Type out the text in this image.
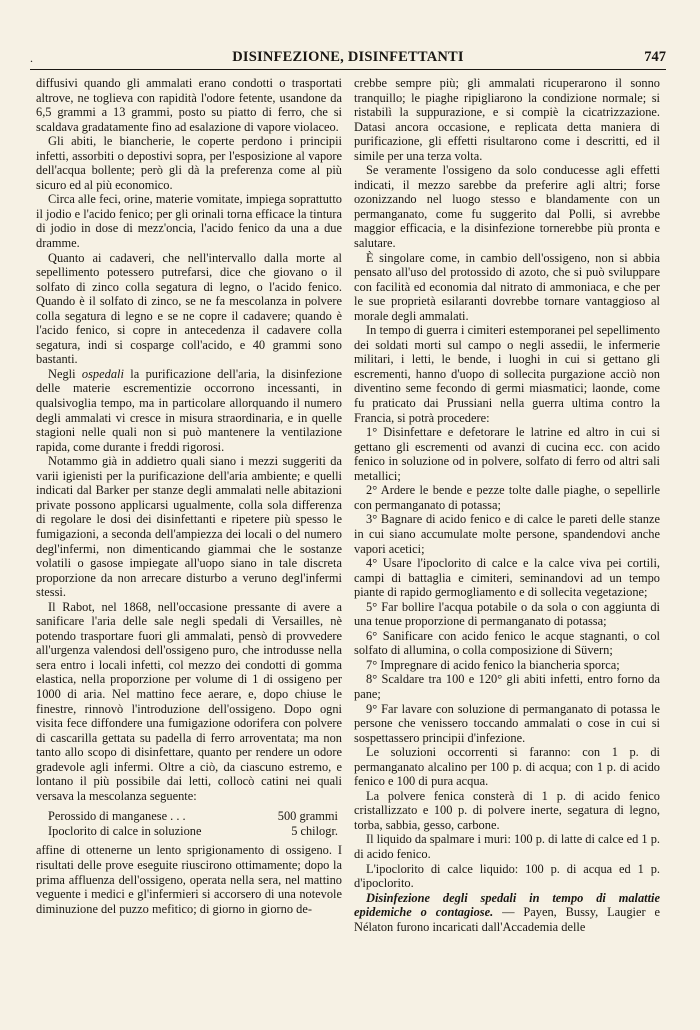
.	DISINFEZIONE, DISINFETTANTI	747

diffusivi quando gli ammalati erano condotti o trasportati altrove, ne toglieva con rapidità l'odore fetente, usandone da 6,5 grammi a 13 grammi, posto su piatto di ferro, che si scaldava gradatamente fino ad esalazione di vapore violaceo.

Gli abiti, le biancherie, le coperte perdono i principii infetti, assorbiti o depostivi sopra, per l'esposizione al vapore dell'acqua bollente; però gli dà la preferenza come al più sicuro ed al più economico.

Circa alle feci, orine, materie vomitate, impiega soprattutto il jodio e l'acido fenico; per gli orinali torna efficace la tintura di jodio in dose di mezz'oncia, l'acido fenico da una a due dramme.

Quanto ai cadaveri, che nell'intervallo dalla morte al sepellimento potessero putrefarsi, dice che giovano o il solfato di zinco colla segatura di legno, o l'acido fenico. Quando è il solfato di zinco, se ne fa mescolanza in polvere colla segatura di legno e se ne copre il cadavere; quando è l'acido fenico, si copre in antecedenza il cadavere colla segatura, indi si cosparge coll'acido, e 40 grammi sono bastanti.

Negli ospedali la purificazione dell'aria, la disinfezione delle materie escrementizie occorrono incessanti, in qualsivoglia tempo, ma in particolare allorquando il numero degli ammalati vi cresce in misura straordinaria, e in quelle stagioni nelle quali non si può mantenere la ventilazione rapida, come durante i freddi rigorosi.

Notammo già in addietro quali siano i mezzi suggeriti da varii igienisti per la purificazione dell'aria ambiente; e quelli indicati dal Barker per stanze degli ammalati nelle abitazioni private possono applicarsi ugualmente, colla sola differenza di regolare le dosi dei disinfettanti e ripetere più spesso le fumigazioni, a seconda dell'ampiezza dei locali o del numero degl'infermi, non dimenticando giammai che le sostanze volatili o gasose impiegate all'uopo siano in tale discreta proporzione da non arrecare disturbo a veruno degl'infermi stessi.

Il Rabot, nel 1868, nell'occasione pressante di avere a sanificare l'aria delle sale negli spedali di Versailles, nè potendo trasportare fuori gli ammalati, pensò di provvedere all'urgenza valendosi dell'ossigeno puro, che introdusse nella sera entro i locali infetti, col mezzo dei condotti di gomma elastica, nella proporzione per volume di 1 di ossigeno per 1000 di aria. Nel mattino fece aerare, e, dopo chiuse le finestre, rinnovò l'introduzione dell'ossigeno. Dopo ogni visita fece diffondere una fumigazione odorifera con polvere di cascarilla gettata su padella di ferro arroventata; ma non tanto allo scopo di disinfettare, quanto per rendere un odore gradevole agli infermi. Oltre a ciò, da ciascuno estremo, e lontano il più possibile dai letti, collocò catini nei quali versava la mescolanza seguente:

Perossido di manganese . . .	500 grammi
Ipoclorito di calce in soluzione	5 chilogr.

affine di ottenerne un lento sprigionamento di ossigeno. I risultati delle prove eseguite riuscirono ottimamente; dopo la prima affluenza dell'ossigeno, operata nella sera, nel mattino veguente i medici e gl'infermieri si accorsero di una notevole diminuzione del puzzo mefitico; di giorno in giorno de-

crebbe sempre più; gli ammalati ricuperarono il sonno tranquillo; le piaghe ripigliarono la condizione normale; si ristabilì la suppurazione, e si compiè la cicatrizzazione. Datasi ancora occasione, e replicata detta maniera di purificazione, gli effetti risultarono come i descritti, ed il simile per una terza volta.

Se veramente l'ossigeno da solo conducesse agli effetti indicati, il mezzo sarebbe da preferire agli altri; forse ozonizzando nel luogo stesso e blandamente con un permanganato, come fu suggerito dal Polli, si avrebbe maggior efficacia, e la disinfezione tornerebbe più pronta e salutare.

È singolare come, in cambio dell'ossigeno, non si abbia pensato all'uso del protossido di azoto, che si può sviluppare con facilità ed economia dal nitrato di ammoniaca, e che per le sue proprietà esilaranti dovrebbe tornare vantaggioso al morale degli ammalati.

In tempo di guerra i cimiteri estemporanei pel sepellimento dei soldati morti sul campo o negli assedii, le infermerie militari, i letti, le bende, i luoghi in cui si gettano gli escrementi, hanno d'uopo di sollecita purgazione acciò non diventino seme fecondo di germi miasmatici; laonde, come fu praticato dai Prussiani nella guerra ultima contro la Francia, si potrà procedere:

1° Disinfettare e defetorare le latrine ed altro in cui si gettano gli escrementi od avanzi di cucina ecc. con acido fenico in soluzione od in polvere, solfato di ferro od altri sali metallici;

2° Ardere le bende e pezze tolte dalle piaghe, o sepellirle con permanganato di potassa;

3° Bagnare di acido fenico e di calce le pareti delle stanze in cui siano accumulate molte persone, spandendovi anche vapori acetici;

4° Usare l'ipoclorito di calce e la calce viva pei cortili, campi di battaglia e cimiteri, seminandovi ad un tempo piante di rapido germogliamento e di sollecita vegetazione;

5° Far bollire l'acqua potabile o da sola o con aggiunta di una tenue proporzione di permanganato di potassa;

6° Sanificare con acido fenico le acque stagnanti, o col solfato di allumina, o colla composizione di Süvern;

7° Impregnare di acido fenico la biancheria sporca;

8° Scaldare tra 100 e 120° gli abiti infetti, entro forno da pane;

9° Far lavare con soluzione di permanganato di potassa le persone che venissero toccando ammalati o cose in cui si sospettassero principii d'infezione.

Le soluzioni occorrenti si faranno: con 1 p. di permanganato alcalino per 100 p. di acqua; con 1 p. di acido fenico e 100 di pura acqua.

La polvere fenica consterà di 1 p. di acido fenico cristallizzato e 100 p. di polvere inerte, segatura di legno, torba, sabbia, gesso, carbone.

Il liquido da spalmare i muri: 100 p. di latte di calce ed 1 p. di acido fenico.

L'ipoclorito di calce liquido: 100 p. di acqua ed 1 p. d'ipoclorito.

Disinfezione degli spedali in tempo di malattie epidemiche o contagiose. — Payen, Bussy, Laugier e Nélaton furono incaricati dall'Accademia delle
